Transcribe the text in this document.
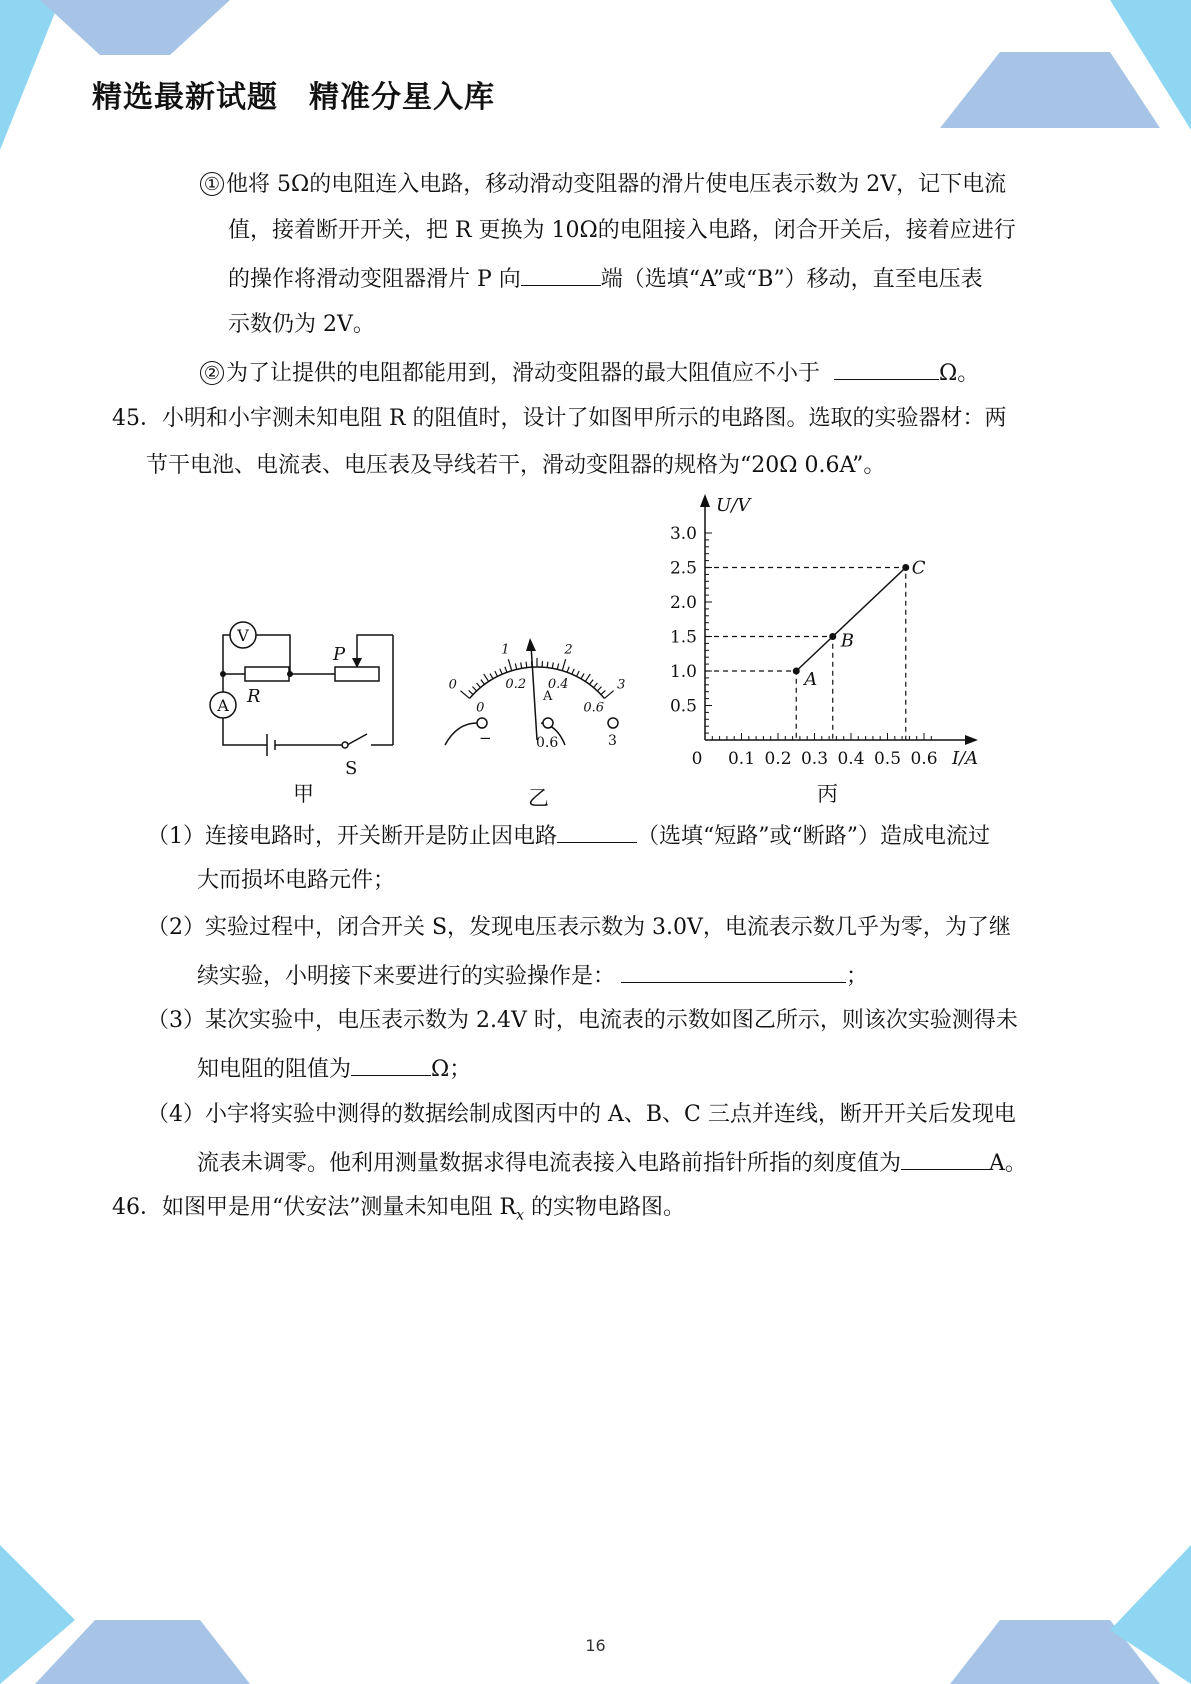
精选最新试题　精准分星入库
① 他将 5Ω的电阻连入电路，移动滑动变阻器的滑片使电压表示数为 2V，记下电流
值，接着断开开关，把 R 更换为 10Ω的电阻接入电路，闭合开关后，接着应进行
的操作将滑动变阻器滑片 P 向	端（选填“A”或“B”）移动，直至电压表
示数仍为 2V。
② 为了让提供的电阻都能用到，滑动变阻器的最大阻值应不小于	Ω。
45．小明和小宇测未知电阻 R 的阻值时，设计了如图甲所示的电路图。选取的实验器材：两
节干电池、电流表、电压表及导线若干，滑动变阻器的规格为“20Ω 0.6A”。
V
A R
P
S
甲
0
1	2
3
0
0.2 0.4
0.6
A
−	0.6	3
乙
3.0
2.5
2.0
1.5
1.0
0.5
0 0.1 0.2 0.3 0.4 0.5 0.6
A
B
C
U/V
I/A
丙
（1）连接电路时，开关断开是防止因电路	（选填“短路”或“断路”）造成电流过
大而损坏电路元件；
（2）实验过程中，闭合开关 S，发现电压表示数为 3.0V，电流表示数几乎为零，为了继
续实验，小明接下来要进行的实验操作是：	；
（3）某次实验中，电压表示数为 2.4V 时，电流表的示数如图乙所示，则该次实验测得未
知电阻的阻值为	Ω；
（4）小宇将实验中测得的数据绘制成图丙中的 A、B、C 三点并连线，断开开关后发现电
流表未调零。他利用测量数据求得电流表接入电路前指针所指的刻度值为	A。
46．如图甲是用“伏安法”测量未知电阻 $R_x$ 的实物电路图。
16
